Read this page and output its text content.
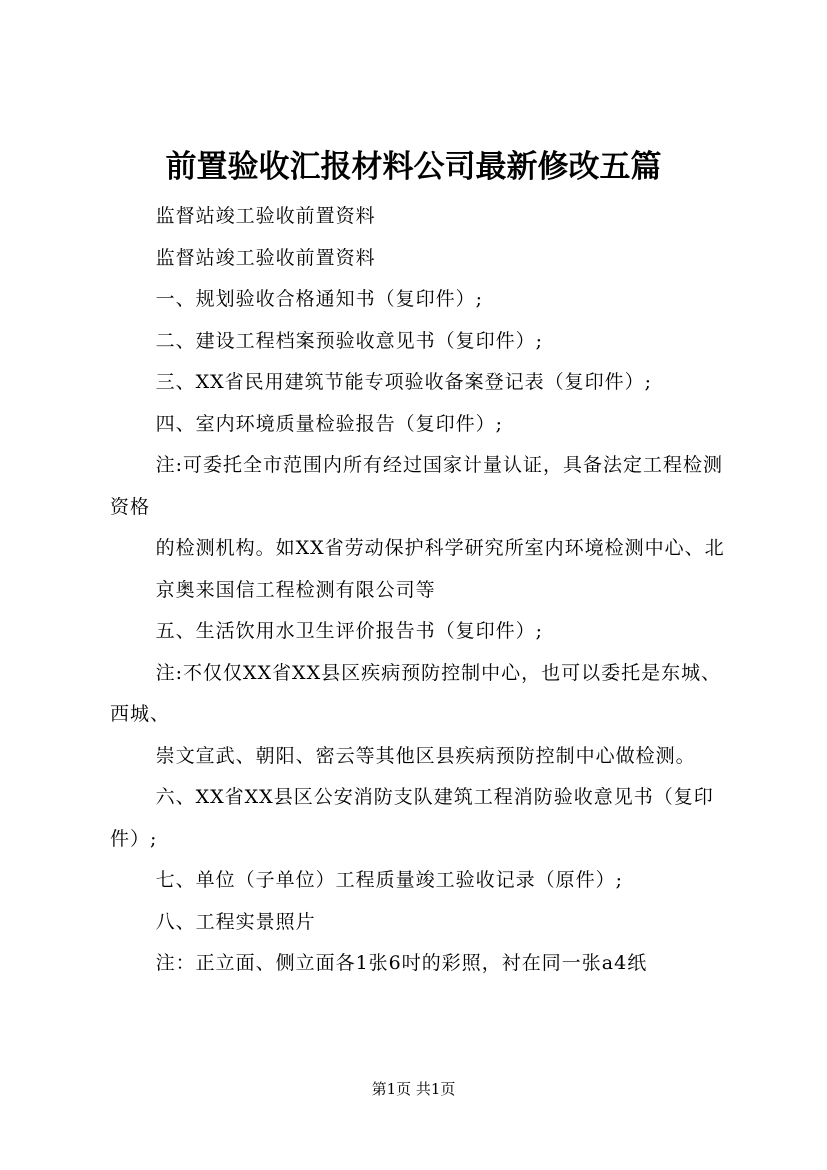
前置验收汇报材料公司最新修改五篇

监督站竣工验收前置资料

监督站竣工验收前置资料

一、规划验收合格通知书（复印件）;

二、建设工程档案预验收意见书（复印件）;

三、XX省民用建筑节能专项验收备案登记表（复印件）;

四、室内环境质量检验报告（复印件）;

注:可委托全市范围内所有经过国家计量认证，具备法定工程检测资格

的检测机构。如XX省劳动保护科学研究所室内环境检测中心、北

京奥来国信工程检测有限公司等

五、生活饮用水卫生评价报告书（复印件）;

注:不仅仅XX省XX县区疾病预防控制中心，也可以委托是东城、西城、

崇文宣武、朝阳、密云等其他区县疾病预防控制中心做检测。

六、XX省XX县区公安消防支队建筑工程消防验收意见书（复印件）;

七、单位（子单位）工程质量竣工验收记录（原件）;

八、工程实景照片

注：正立面、侧立面各1张6吋的彩照，衬在同一张a4纸

第1页 共1页
